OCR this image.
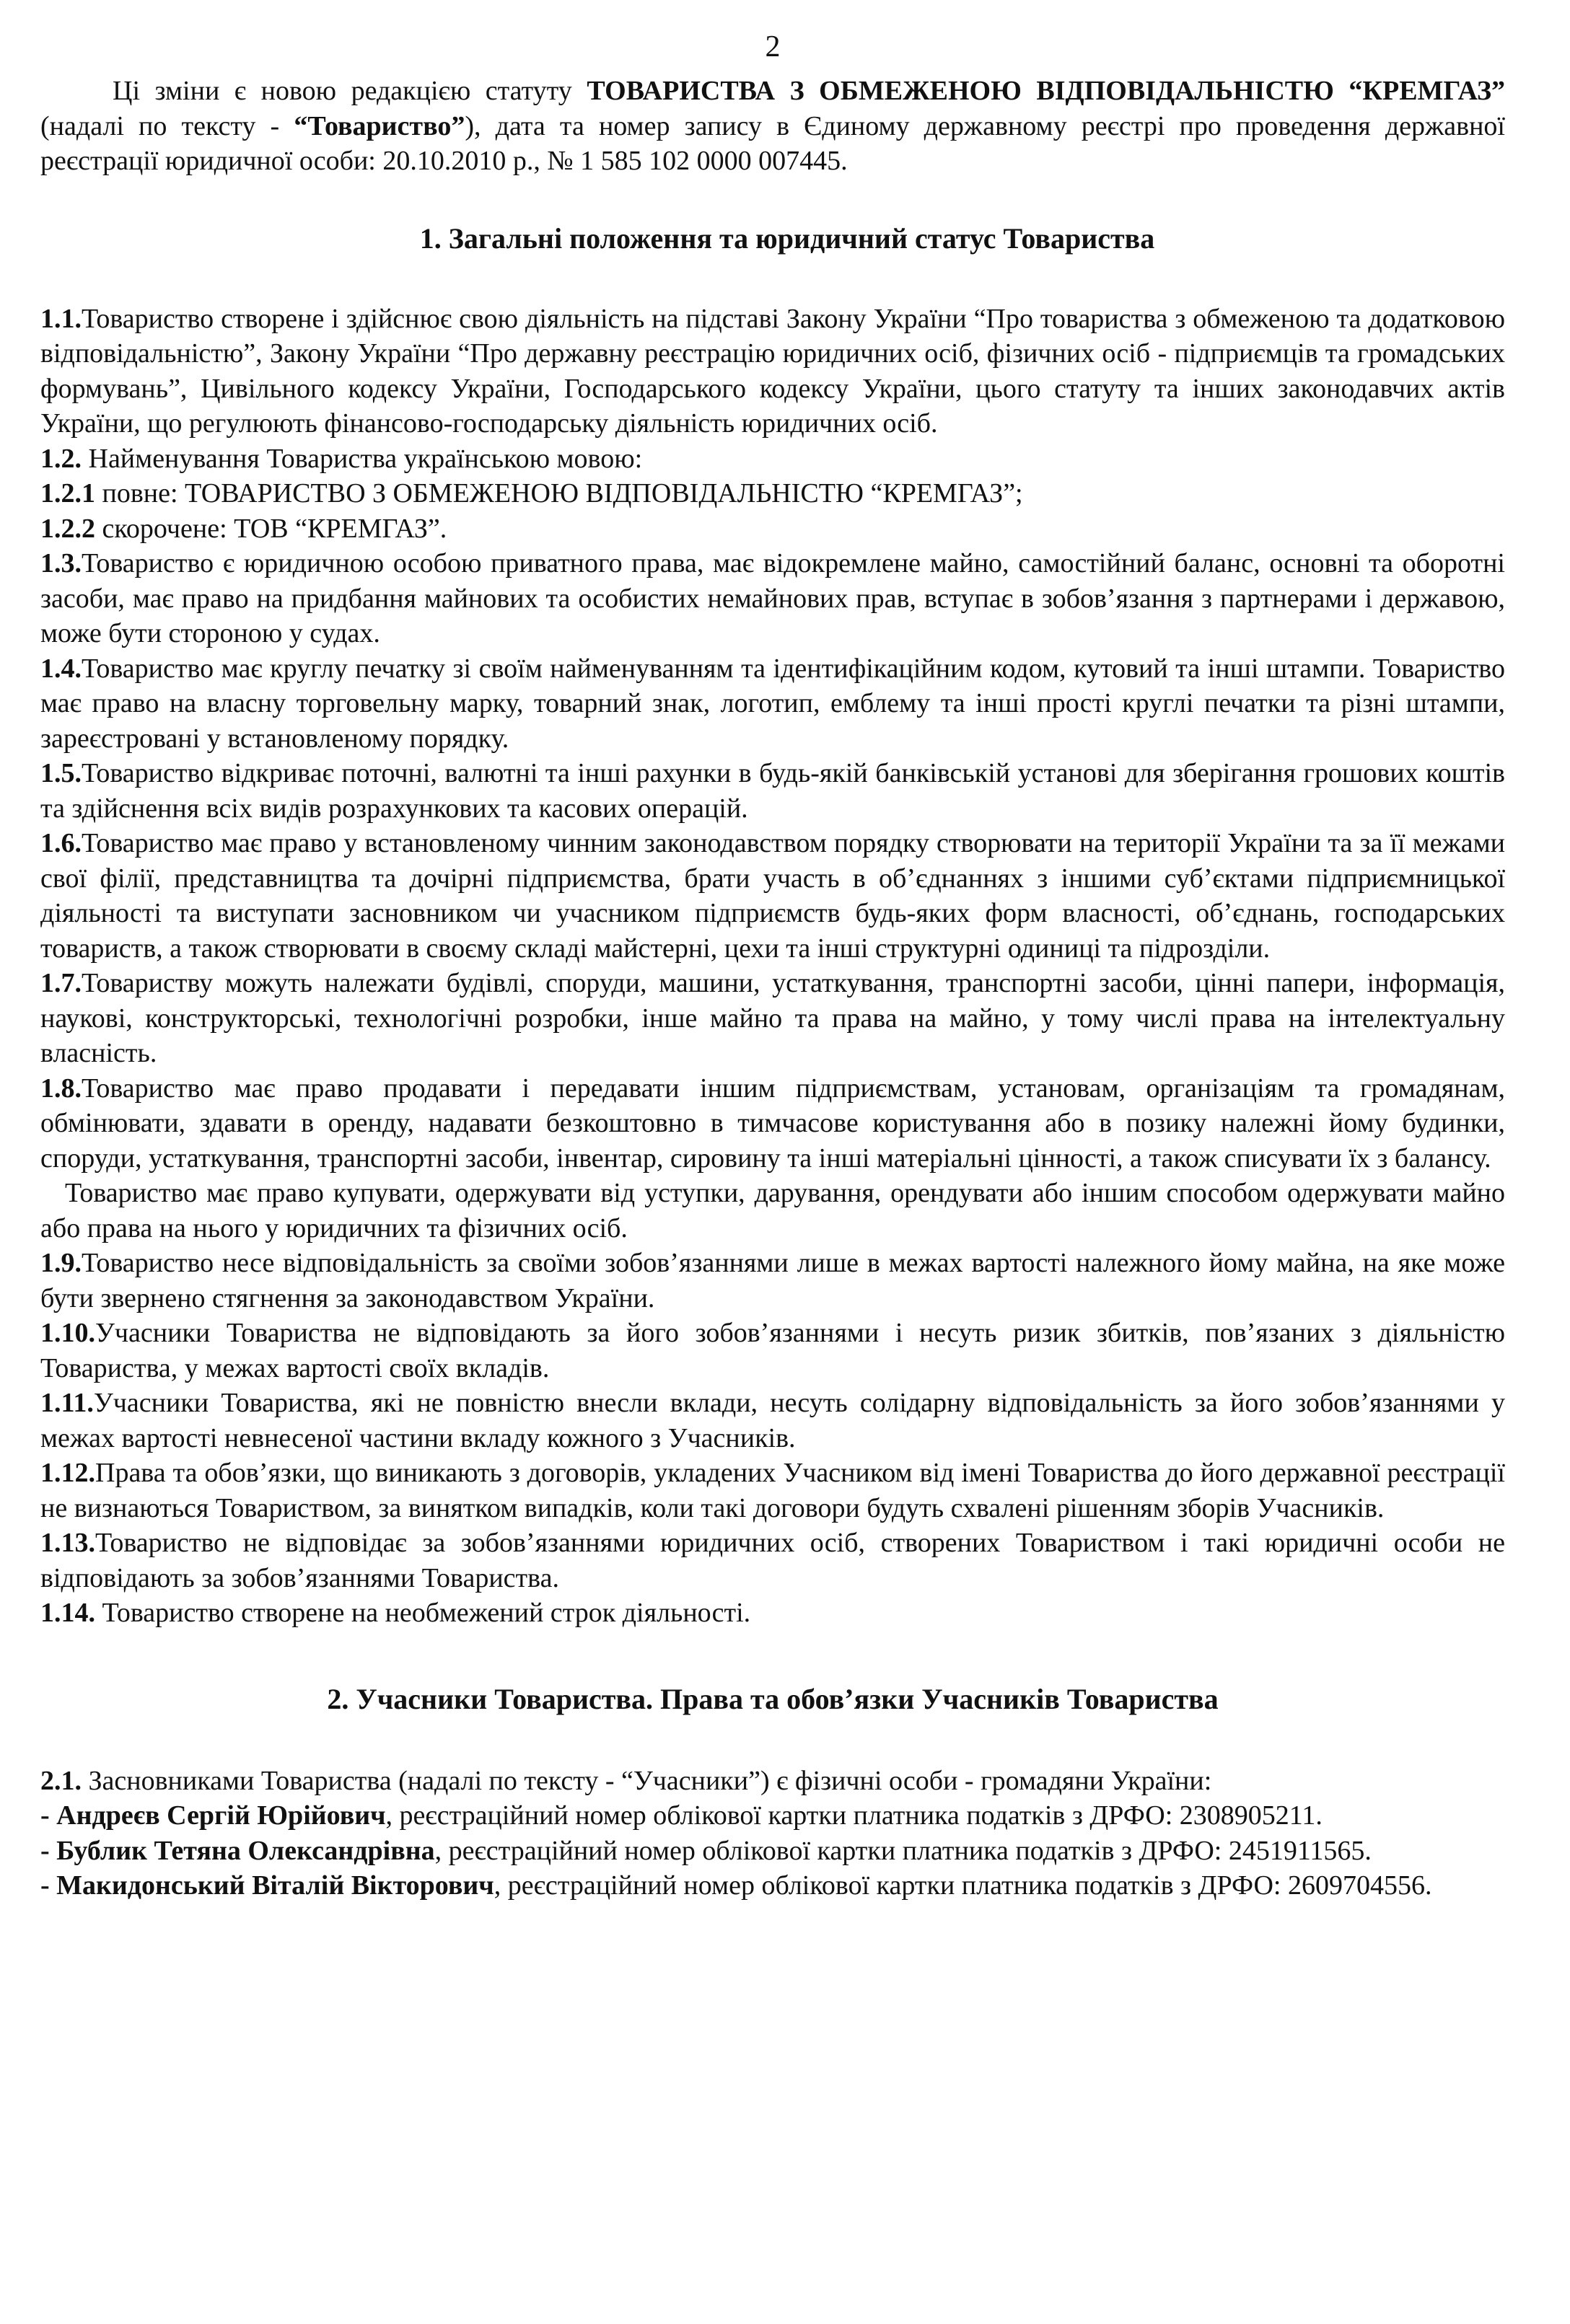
2

Ці зміни є новою редакцією статуту ТОВАРИСТВА З ОБМЕЖЕНОЮ ВІДПОВІДАЛЬНІСТЮ “КРЕМГАЗ” (надалі по тексту - “Товариство”), дата та номер запису в Єдиному державному реєстрі про проведення державної реєстрації юридичної особи: 20.10.2010 р., № 1 585 102 0000 007445.

1. Загальні положення та юридичний статус Товариства

1.1.Товариство створене і здійснює свою діяльність на підставі Закону України “Про товариства з обмеженою та додатковою відповідальністю”, Закону України “Про державну реєстрацію юридичних осіб, фізичних осіб - підприємців та громадських формувань”, Цивільного кодексу України, Господарського кодексу України, цього статуту та інших законодавчих актів України, що регулюють фінансово-господарську діяльність юридичних осіб.

1.2. Найменування Товариства українською мовою:

1.2.1 повне: ТОВАРИСТВО З ОБМЕЖЕНОЮ ВІДПОВІДАЛЬНІСТЮ “КРЕМГАЗ”;

1.2.2 скорочене: ТОВ “КРЕМГАЗ”.

1.3.Товариство є юридичною особою приватного права, має відокремлене майно, самостійний баланс, основні та оборотні засоби, має право на придбання майнових та особистих немайнових прав, вступає в зобов’язання з партнерами і державою, може бути стороною у судах.

1.4.Товариство має круглу печатку зі своїм найменуванням та ідентифікаційним кодом, кутовий та інші штампи. Товариство має право на власну торговельну марку, товарний знак, логотип, емблему та інші прості круглі печатки та різні штампи, зареєстровані у встановленому порядку.

1.5.Товариство відкриває поточні, валютні та інші рахунки в будь-якій банківській установі для зберігання грошових коштів та здійснення всіх видів розрахункових та касових операцій.

1.6.Товариство має право у встановленому чинним законодавством порядку створювати на території України та за її межами свої філії, представництва та дочірні підприємства, брати участь в об’єднаннях з іншими суб’єктами підприємницької діяльності та виступати засновником чи учасником підприємств будь-яких форм власності, об’єднань, господарських товариств, а також створювати в своєму складі майстерні, цехи та інші структурні одиниці та підрозділи.

1.7.Товариству можуть належати будівлі, споруди, машини, устаткування, транспортні засоби, цінні папери, інформація, наукові, конструкторські, технологічні розробки, інше майно та права на майно, у тому числі права на інтелектуальну власність.

1.8.Товариство має право продавати і передавати іншим підприємствам, установам, організаціям та громадянам, обмінювати, здавати в оренду, надавати безкоштовно в тимчасове користування або в позику належні йому будинки, споруди, устаткування, транспортні засоби, інвентар, сировину та інші матеріальні цінності, а також списувати їх з балансу.

Товариство має право купувати, одержувати від уступки, дарування, орендувати або іншим способом одержувати майно або права на нього у юридичних та фізичних осіб.

1.9.Товариство несе відповідальність за своїми зобов’язаннями лише в межах вартості належного йому майна, на яке може бути звернено стягнення за законодавством України.

1.10.Учасники Товариства не відповідають за його зобов’язаннями і несуть ризик збитків, пов’язаних з діяльністю Товариства, у межах вартості своїх вкладів.

1.11.Учасники Товариства, які не повністю внесли вклади, несуть солідарну відповідальність за його зобов’язаннями у межах вартості невнесеної частини вкладу кожного з Учасників.

1.12.Права та обов’язки, що виникають з договорів, укладених Учасником від імені Товариства до його державної реєстрації не визнаються Товариством, за винятком випадків, коли такі договори будуть схвалені рішенням зборів Учасників.

1.13.Товариство не відповідає за зобов’язаннями юридичних осіб, створених Товариством і такі юридичні особи не відповідають за зобов’язаннями Товариства.

1.14. Товариство створене на необмежений строк діяльності.

2. Учасники Товариства. Права та обов’язки Учасників Товариства

2.1. Засновниками Товариства (надалі по тексту - “Учасники”) є фізичні особи - громадяни України:

- Андреєв Сергій Юрійович, реєстраційний номер облікової картки платника податків з ДРФО: 2308905211.

- Бублик Тетяна Олександрівна, реєстраційний номер облікової картки платника податків з ДРФО: 2451911565.

- Макидонський Віталій Вікторович, реєстраційний номер облікової картки платника податків з ДРФО: 2609704556.
